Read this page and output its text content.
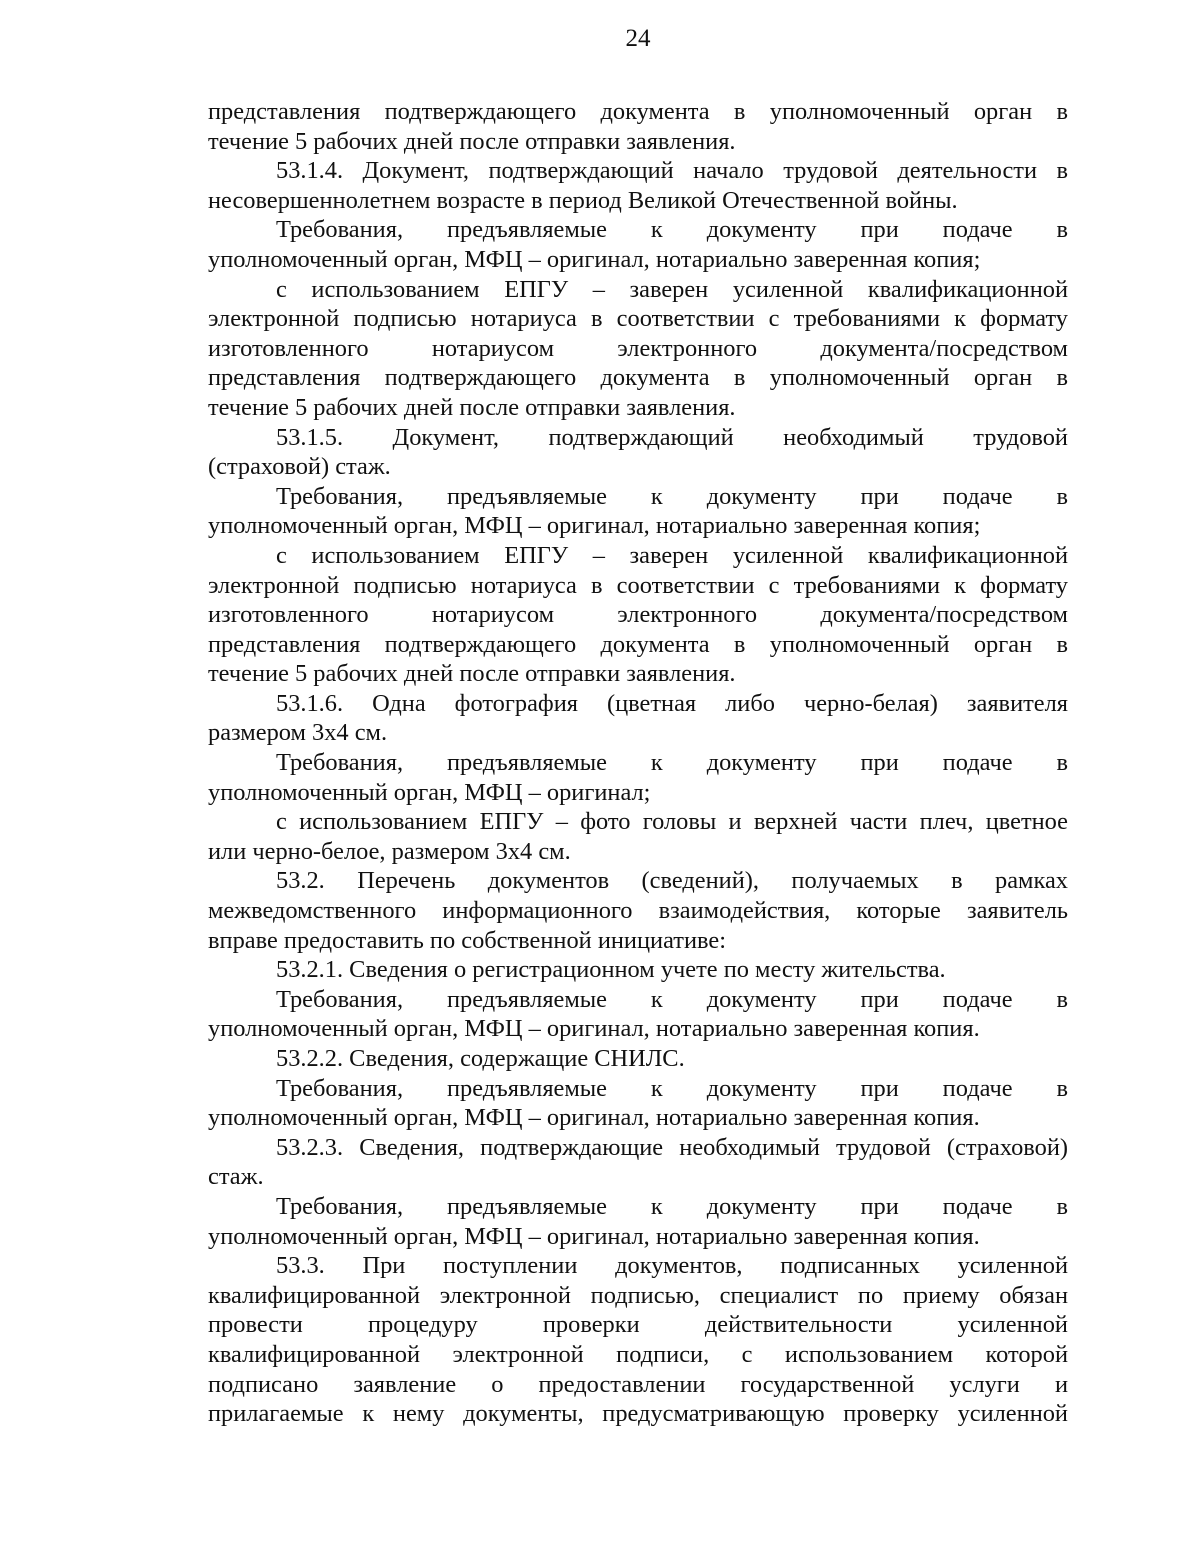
24
представления подтверждающего документа в уполномоченный орган в
течение 5 рабочих дней после отправки заявления.
53.1.4. Документ, подтверждающий начало трудовой деятельности в
несовершеннолетнем возрасте в период Великой Отечественной войны.
Требования, предъявляемые к документу при подаче в
уполномоченный орган, МФЦ – оригинал, нотариально заверенная копия;
с использованием ЕПГУ – заверен усиленной квалификационной
электронной подписью нотариуса в соответствии с требованиями к формату
изготовленного нотариусом электронного документа/посредством
представления подтверждающего документа в уполномоченный орган в
течение 5 рабочих дней после отправки заявления.
53.1.5. Документ, подтверждающий необходимый трудовой
(страховой) стаж.
Требования, предъявляемые к документу при подаче в
уполномоченный орган, МФЦ – оригинал, нотариально заверенная копия;
с использованием ЕПГУ – заверен усиленной квалификационной
электронной подписью нотариуса в соответствии с требованиями к формату
изготовленного нотариусом электронного документа/посредством
представления подтверждающего документа в уполномоченный орган в
течение 5 рабочих дней после отправки заявления.
53.1.6. Одна фотография (цветная либо черно-белая) заявителя
размером 3х4 см.
Требования, предъявляемые к документу при подаче в
уполномоченный орган, МФЦ – оригинал;
с использованием ЕПГУ – фото головы и верхней части плеч, цветное
или черно-белое, размером 3х4 см.
53.2. Перечень документов (сведений), получаемых в рамках
межведомственного информационного взаимодействия, которые заявитель
вправе предоставить по собственной инициативе:
53.2.1. Сведения о регистрационном учете по месту жительства.
Требования, предъявляемые к документу при подаче в
уполномоченный орган, МФЦ – оригинал, нотариально заверенная копия.
53.2.2. Сведения, содержащие СНИЛС.
Требования, предъявляемые к документу при подаче в
уполномоченный орган, МФЦ – оригинал, нотариально заверенная копия.
53.2.3. Сведения, подтверждающие необходимый трудовой (страховой)
стаж.
Требования, предъявляемые к документу при подаче в
уполномоченный орган, МФЦ – оригинал, нотариально заверенная копия.
53.3. При поступлении документов, подписанных усиленной
квалифицированной электронной подписью, специалист по приему обязан
провести процедуру проверки действительности усиленной
квалифицированной электронной подписи, с использованием которой
подписано заявление о предоставлении государственной услуги и
прилагаемые к нему документы, предусматривающую проверку усиленной
